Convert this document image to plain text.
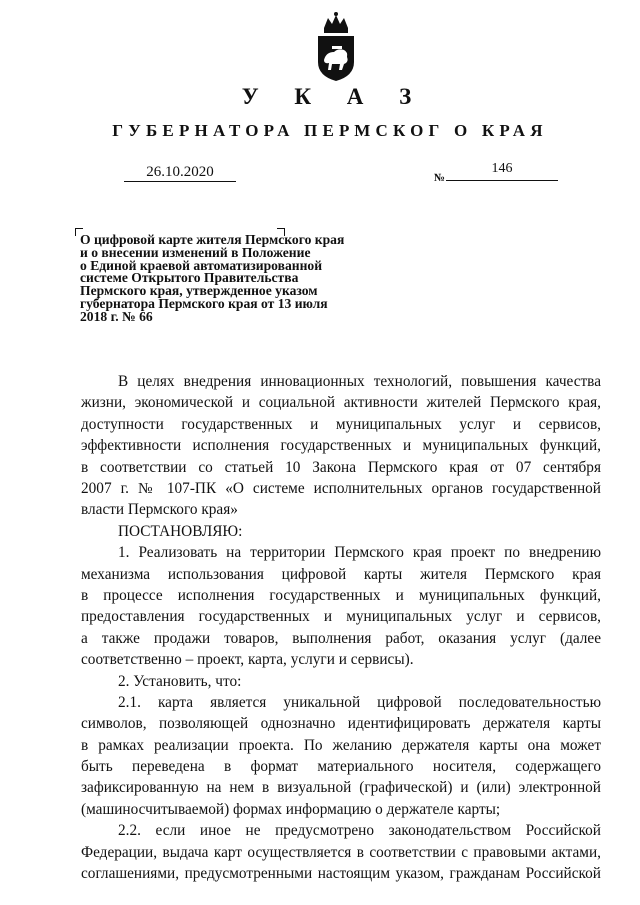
У К А З
ГУБЕРНАТОРА ПЕРМСКОГ О КРАЯ
26.10.2020	№
146
О цифровой карте жителя Пермского края
и о внесении изменений в Положение
о Единой краевой автоматизированной
системе Открытого Правительства
Пермского края, утвержденное указом
губернатора Пермского края от 13 июля
2018 г. № 66

В целях внедрения инновационных технологий, повышения качества
жизни, экономической и социальной активности жителей Пермского края,
доступности государственных и муниципальных услуг и сервисов,
эффективности исполнения государственных и муниципальных функций,
в соответствии со статьей 10 Закона Пермского края от 07 сентября
2007 г. № 107-ПК «О системе исполнительных органов государственной
власти Пермского края»

ПОСТАНОВЛЯЮ:

1. Реализовать на территории Пермского края проект по внедрению
механизма использования цифровой карты жителя Пермского края
в процессе исполнения государственных и муниципальных функций,
предоставления государственных и муниципальных услуг и сервисов,
а также продажи товаров, выполнения работ, оказания услуг (далее
соответственно – проект, карта, услуги и сервисы).

2. Установить, что:

2.1. карта является уникальной цифровой последовательностью
символов, позволяющей однозначно идентифицировать держателя карты
в рамках реализации проекта. По желанию держателя карты она может
быть переведена в формат материального носителя, содержащего
зафиксированную на нем в визуальной (графической) и (или) электронной
(машиносчитываемой) формах информацию о держателе карты;

2.2. если иное не предусмотрено законодательством Российской
Федерации, выдача карт осуществляется в соответствии с правовыми актами,
соглашениями, предусмотренными настоящим указом, гражданам Российской
